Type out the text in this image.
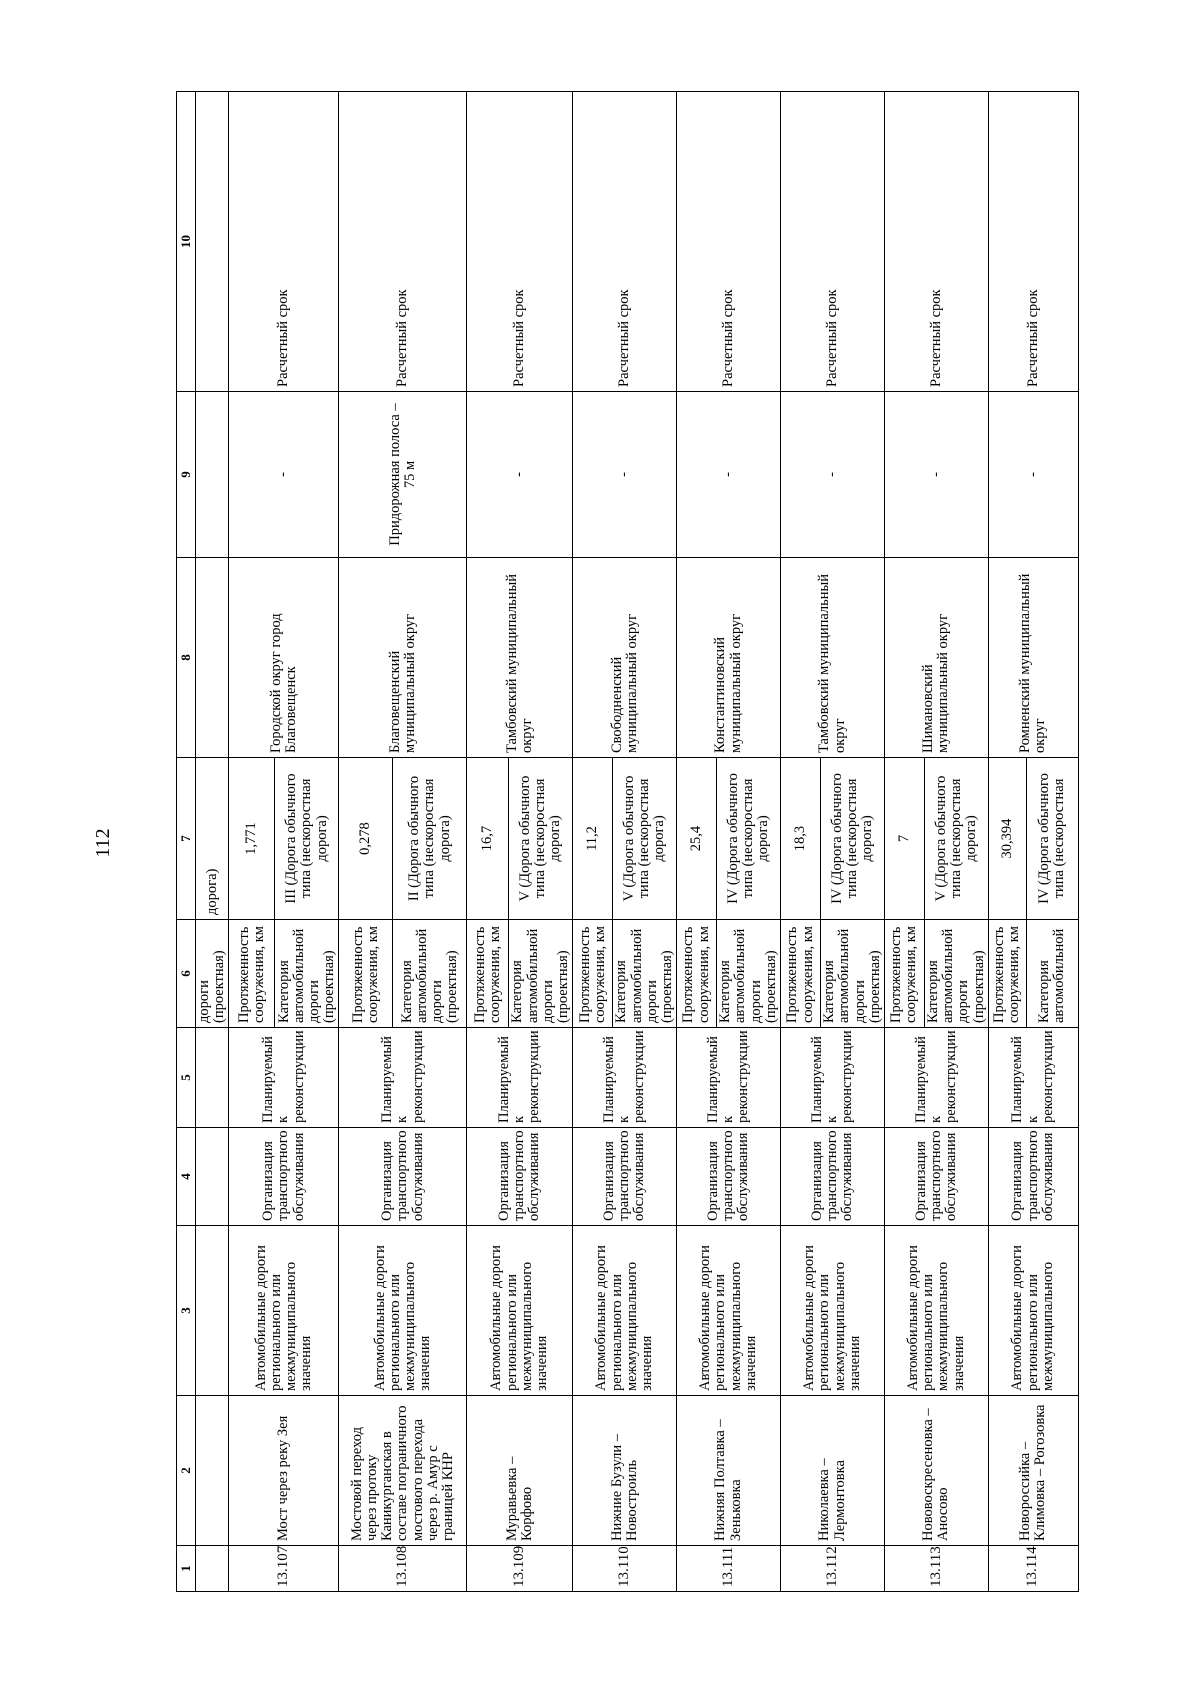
112
1	2	3	4	5	6	7	8	9	10
					дороги (проектная)	дорога)			
13.107	Мост через реку Зея	Автомобильные дороги регионального или межмуниципального значения	Организация транспортного обслуживания	Планируемый к реконструкции	Протяженность сооружения, км	1,771	Городской округ город Благовещенск	-	Расчетный срок
					Категория автомобильной дороги (проектная)	III (Дорога обычного типа (нескоростная дорога)			
13.108	Мостовой переход через протоку Каникурганская в составе пограничного мостового перехода через р. Амур с границей КНР	Автомобильные дороги регионального или межмуниципального значения	Организация транспортного обслуживания	Планируемый к реконструкции	Протяженность сооружения, км	0,278	Благовещенский муниципальный округ	Придорожная полоса – 75 м	Расчетный срок
					Категория автомобильной дороги (проектная)	II (Дорога обычного типа (нескоростная дорога)			
13.109	Муравьевка – Корфово	Автомобильные дороги регионального или межмуниципального значения	Организация транспортного обслуживания	Планируемый к реконструкции	Протяженность сооружения, км	16,7	Тамбовский муниципальный округ	-	Расчетный срок
					Категория автомобильной дороги (проектная)	V (Дорога обычного типа (нескоростная дорога)			
13.110	Нижние Бузули – Новостроиль	Автомобильные дороги регионального или межмуниципального значения	Организация транспортного обслуживания	Планируемый к реконструкции	Протяженность сооружения, км	11,2	Свободненский муниципальный округ	-	Расчетный срок
					Категория автомобильной дороги (проектная)	V (Дорога обычного типа (нескоростная дорога)			
13.111	Нижняя Полтавка – Зеньковка	Автомобильные дороги регионального или межмуниципального значения	Организация транспортного обслуживания	Планируемый к реконструкции	Протяженность сооружения, км	25,4	Константиновский муниципальный округ	-	Расчетный срок
					Категория автомобильной дороги (проектная)	IV (Дорога обычного типа (нескоростная дорога)			
13.112	Николаевка – Лермонтовка	Автомобильные дороги регионального или межмуниципального значения	Организация транспортного обслуживания	Планируемый к реконструкции	Протяженность сооружения, км	18,3	Тамбовский муниципальный округ	-	Расчетный срок
					Категория автомобильной дороги (проектная)	IV (Дорога обычного типа (нескоростная дорога)			
13.113	Нововоскресеновка – Аносово	Автомобильные дороги регионального или межмуниципального значения	Организация транспортного обслуживания	Планируемый к реконструкции	Протяженность сооружения, км	7	Шимановский муниципальный округ	-	Расчетный срок
					Категория автомобильной дороги (проектная)	V (Дорога обычного типа (нескоростная дорога)			
13.114	Новороссийка – Климовка – Рогозовка	Автомобильные дороги регионального или межмуниципального	Организация транспортного обслуживания	Планируемый к реконструкции	Протяженность сооружения, км	30,394	Ромненский муниципальный округ	-	Расчетный срок
					Категория автомобильной	IV (Дорога обычного типа (нескоростная			
